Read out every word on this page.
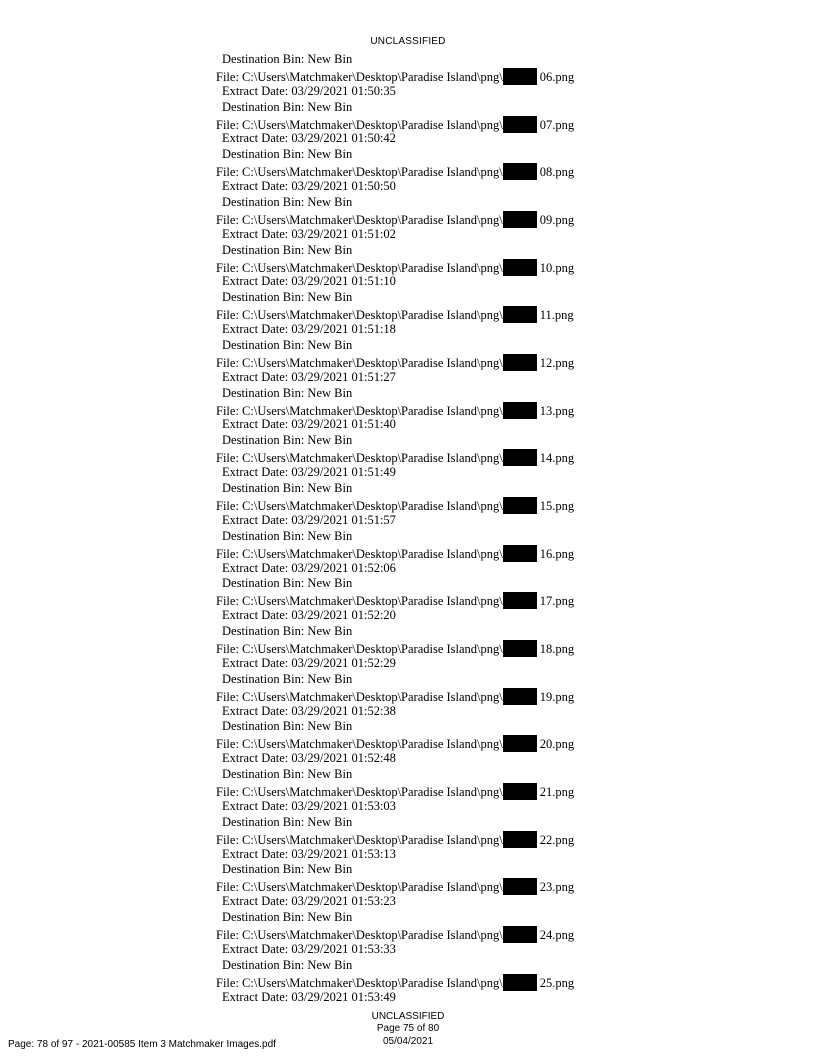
UNCLASSIFIED
Destination Bin: New Bin
File: C:\Users\Matchmaker\Desktop\Paradise Island\png\	06.png
Extract Date: 03/29/2021 01:50:35
Destination Bin: New Bin
File: C:\Users\Matchmaker\Desktop\Paradise Island\png\	07.png
Extract Date: 03/29/2021 01:50:42
Destination Bin: New Bin
File: C:\Users\Matchmaker\Desktop\Paradise Island\png\	08.png
Extract Date: 03/29/2021 01:50:50
Destination Bin: New Bin
File: C:\Users\Matchmaker\Desktop\Paradise Island\png\	09.png
Extract Date: 03/29/2021 01:51:02
Destination Bin: New Bin
File: C:\Users\Matchmaker\Desktop\Paradise Island\png\	10.png
Extract Date: 03/29/2021 01:51:10
Destination Bin: New Bin
File: C:\Users\Matchmaker\Desktop\Paradise Island\png\	11.png
Extract Date: 03/29/2021 01:51:18
Destination Bin: New Bin
File: C:\Users\Matchmaker\Desktop\Paradise Island\png\	12.png
Extract Date: 03/29/2021 01:51:27
Destination Bin: New Bin
File: C:\Users\Matchmaker\Desktop\Paradise Island\png\	13.png
Extract Date: 03/29/2021 01:51:40
Destination Bin: New Bin
File: C:\Users\Matchmaker\Desktop\Paradise Island\png\	14.png
Extract Date: 03/29/2021 01:51:49
Destination Bin: New Bin
File: C:\Users\Matchmaker\Desktop\Paradise Island\png\	15.png
Extract Date: 03/29/2021 01:51:57
Destination Bin: New Bin
File: C:\Users\Matchmaker\Desktop\Paradise Island\png\	16.png
Extract Date: 03/29/2021 01:52:06
Destination Bin: New Bin
File: C:\Users\Matchmaker\Desktop\Paradise Island\png\	17.png
Extract Date: 03/29/2021 01:52:20
Destination Bin: New Bin
File: C:\Users\Matchmaker\Desktop\Paradise Island\png\	18.png
Extract Date: 03/29/2021 01:52:29
Destination Bin: New Bin
File: C:\Users\Matchmaker\Desktop\Paradise Island\png\	19.png
Extract Date: 03/29/2021 01:52:38
Destination Bin: New Bin
File: C:\Users\Matchmaker\Desktop\Paradise Island\png\	20.png
Extract Date: 03/29/2021 01:52:48
Destination Bin: New Bin
File: C:\Users\Matchmaker\Desktop\Paradise Island\png\	21.png
Extract Date: 03/29/2021 01:53:03
Destination Bin: New Bin
File: C:\Users\Matchmaker\Desktop\Paradise Island\png\	22.png
Extract Date: 03/29/2021 01:53:13
Destination Bin: New Bin
File: C:\Users\Matchmaker\Desktop\Paradise Island\png\	23.png
Extract Date: 03/29/2021 01:53:23
Destination Bin: New Bin
File: C:\Users\Matchmaker\Desktop\Paradise Island\png\	24.png
Extract Date: 03/29/2021 01:53:33
Destination Bin: New Bin
File: C:\Users\Matchmaker\Desktop\Paradise Island\png\	25.png
Extract Date: 03/29/2021 01:53:49
UNCLASSIFIED
Page 75 of 80
05/04/2021
Page: 78 of 97 - 2021-00585 Item 3 Matchmaker Images.pdf
